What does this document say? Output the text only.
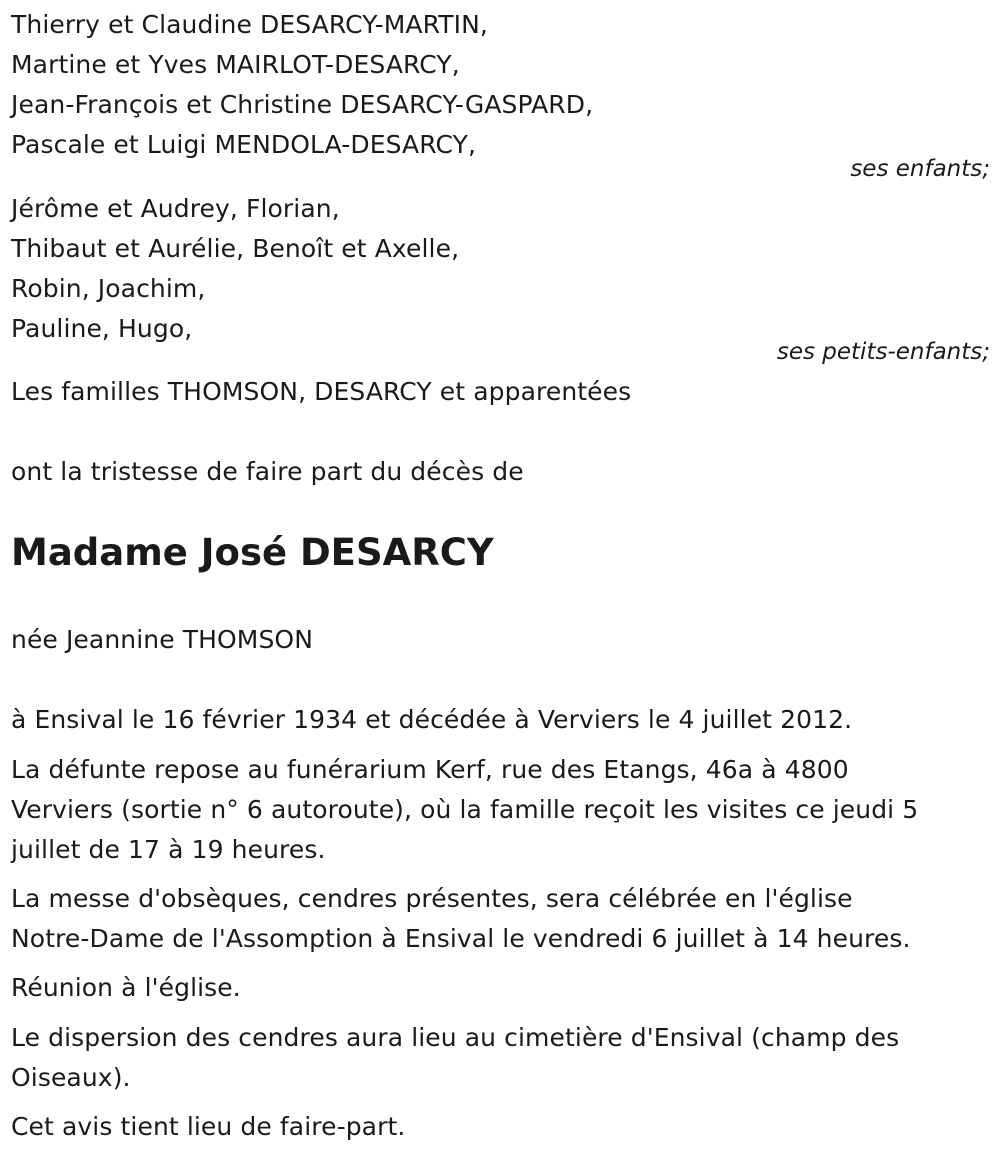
Thierry et Claudine DESARCY-MARTIN,
Martine et Yves MAIRLOT-DESARCY,
Jean-François et Christine DESARCY-GASPARD,
Pascale et Luigi MENDOLA-DESARCY,
ses enfants;
Jérôme et Audrey, Florian,
Thibaut et Aurélie, Benoît et Axelle,
Robin, Joachim,
Pauline, Hugo,
ses petits-enfants;
Les familles THOMSON, DESARCY et apparentées
ont la tristesse de faire part du décès de
Madame José DESARCY
née Jeannine THOMSON
à Ensival le 16 février 1934 et décédée à Verviers le 4 juillet 2012.
La défunte repose au funérarium Kerf, rue des Etangs, 46a à 4800
Verviers (sortie n° 6 autoroute), où la famille reçoit les visites ce jeudi 5
juillet de 17 à 19 heures.
La messe d'obsèques, cendres présentes, sera célébrée en l'église
Notre-Dame de l'Assomption à Ensival le vendredi 6 juillet à 14 heures.
Réunion à l'église.
Le dispersion des cendres aura lieu au cimetière d'Ensival (champ des
Oiseaux).
Cet avis tient lieu de faire-part.
